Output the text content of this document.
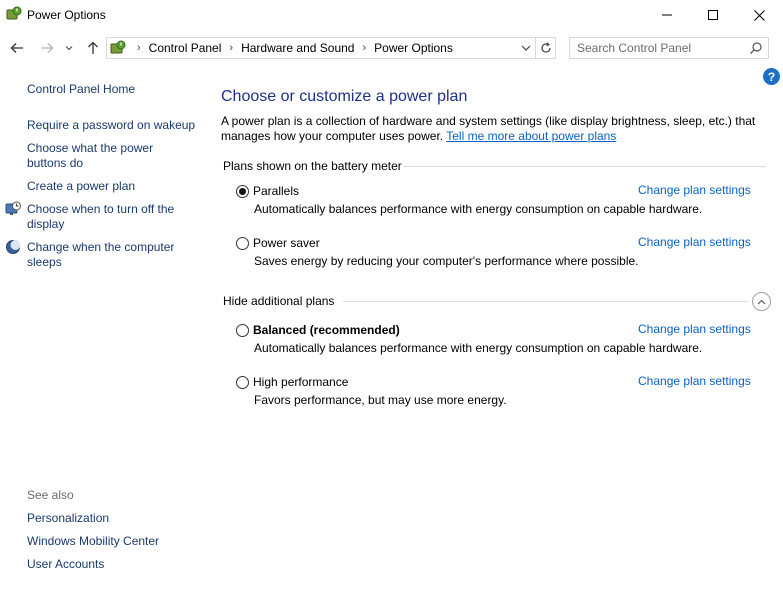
Power Options
› Control Panel › Hardware and Sound › Power Options
Search Control Panel
?
Control Panel Home
Require a password on wakeup
Choose what the power
buttons do
Create a power plan
Choose when to turn off the
display
Change when the computer
sleeps
See also
Personalization
Windows Mobility Center
User Accounts
Choose or customize a power plan
A power plan is a collection of hardware and system settings (like display brightness, sleep, etc.) that manages how your computer uses power. Tell me more about power plans
Plans shown on the battery meter
Parallels	Change plan settings
Automatically balances performance with energy consumption on capable hardware.
Power saver	Change plan settings
Saves energy by reducing your computer's performance where possible.
Hide additional plans
Balanced (recommended)	Change plan settings
Automatically balances performance with energy consumption on capable hardware.
High performance	Change plan settings
Favors performance, but may use more energy.
